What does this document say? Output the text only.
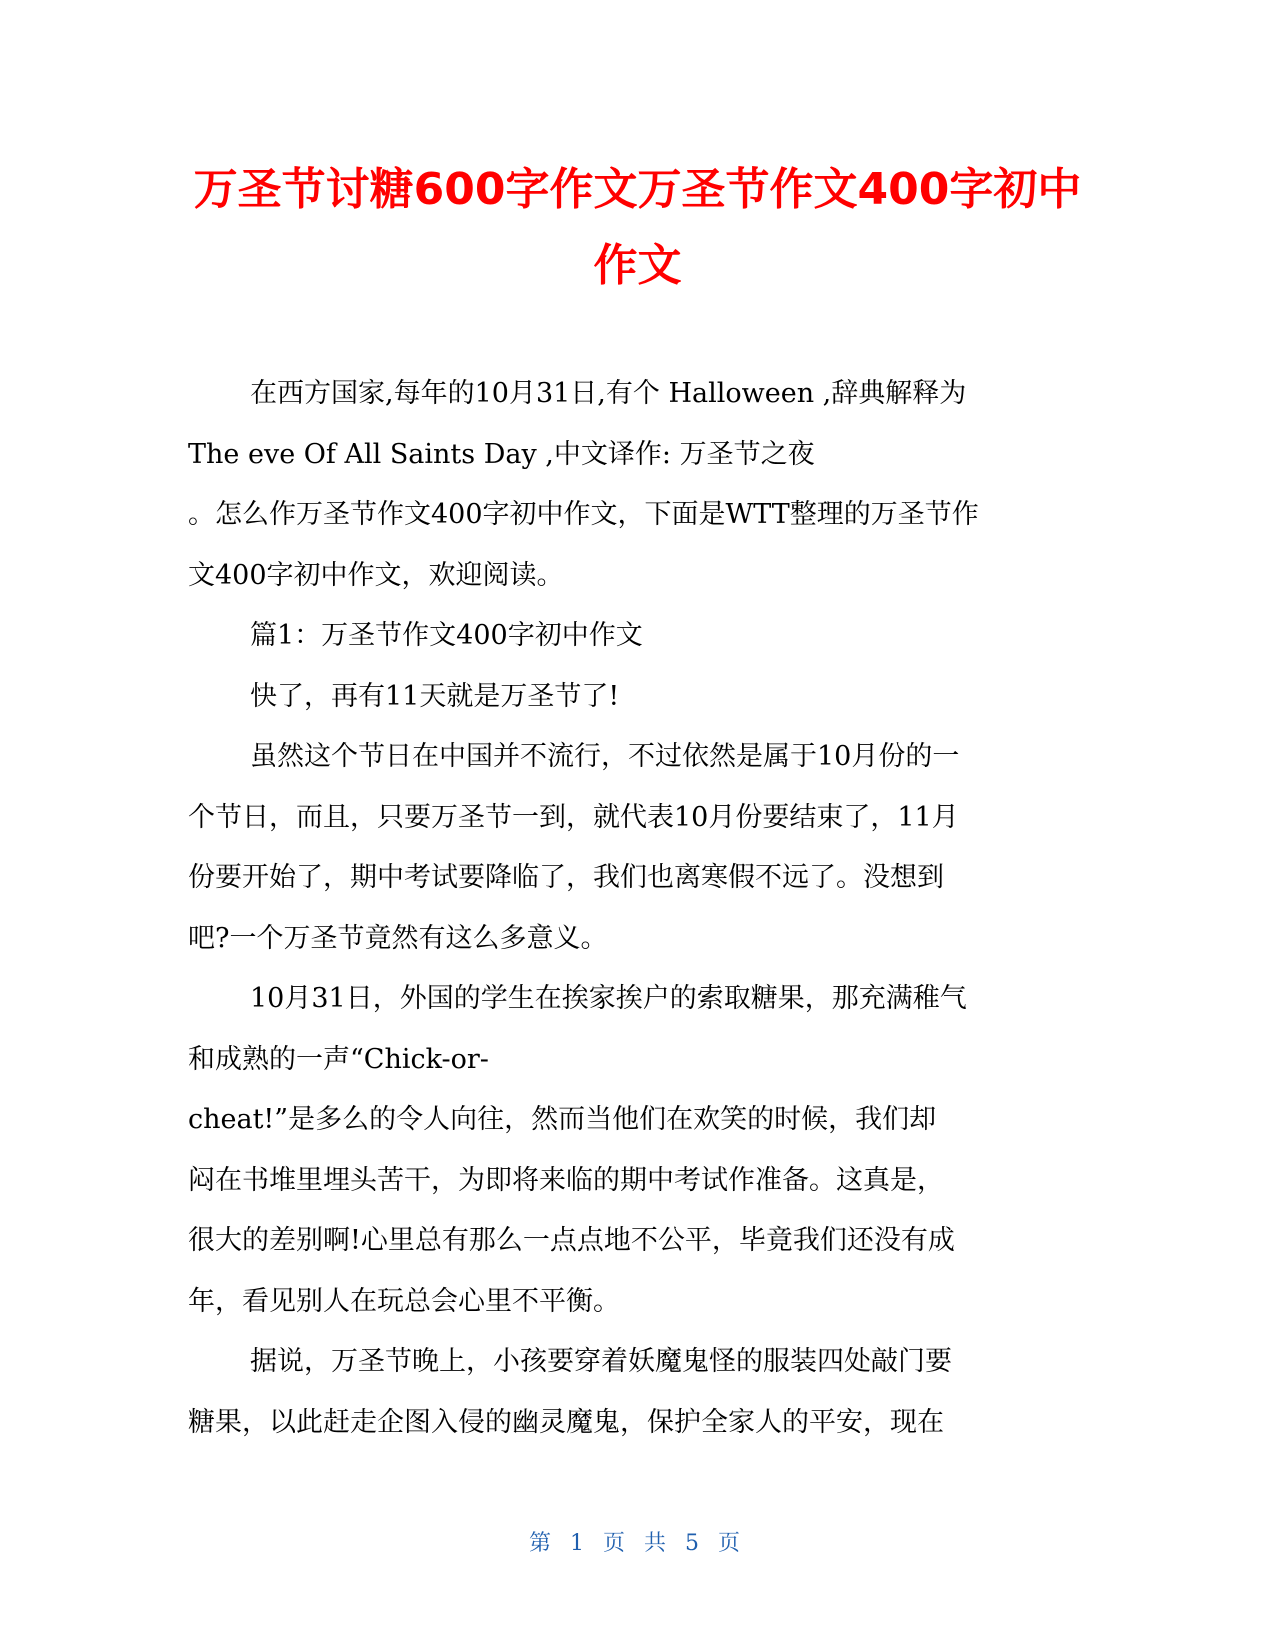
万圣节讨糖600字作文万圣节作文400字初中
作文
在西方国家,每年的10月31日,有个 Halloween ,辞典解释为
The eve Of All Saints Day ,中文译作: 万圣节之夜
。怎么作万圣节作文400字初中作文，下面是WTT整理的万圣节作
文400字初中作文，欢迎阅读。
篇1：万圣节作文400字初中作文
快了，再有11天就是万圣节了!
虽然这个节日在中国并不流行，不过依然是属于10月份的一
个节日，而且，只要万圣节一到，就代表10月份要结束了，11月
份要开始了，期中考试要降临了，我们也离寒假不远了。没想到
吧?一个万圣节竟然有这么多意义。
10月31日，外国的学生在挨家挨户的索取糖果，那充满稚气
和成熟的一声“Chick-or-
cheat!”是多么的令人向往，然而当他们在欢笑的时候，我们却
闷在书堆里埋头苦干，为即将来临的期中考试作准备。这真是，
很大的差别啊!心里总有那么一点点地不公平，毕竟我们还没有成
年，看见别人在玩总会心里不平衡。
据说，万圣节晚上，小孩要穿着妖魔鬼怪的服装四处敲门要
糖果，以此赶走企图入侵的幽灵魔鬼，保护全家人的平安，现在
第 1 页 共 5 页
